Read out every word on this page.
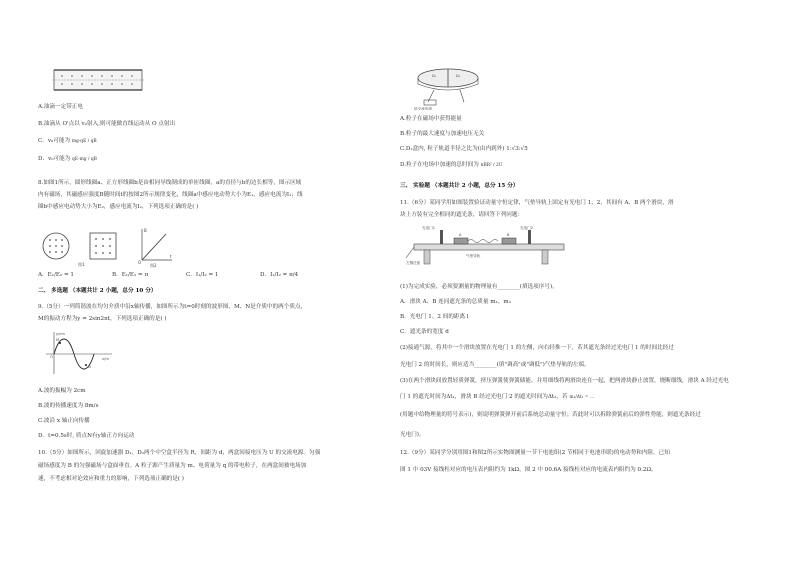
A.油滴一定带正电
B.油滴从 O'点以 v₀射入,则可能做直线运动从 O 点射出
C．v₀可能为 mg-qE / qB
D．v₀可能为 qE-mg / qB
8.如图1所示，圆形线圈a、正方形线圈b是由相同导线制成的单匝线圈，a的直径与b的边长相等，图示区域
内有磁场，其磁感应强度B随时间t的按图2所示规律变化，线圈a中感应电动势大小为E₁，感应电流为I₁；线
圈b中感应电动势大小为E₂，感应电流为I₂，下列选项正确的是( )
图1
B
t
O
图2
A．E₁/E₂ = 1	B．E₁/E₂ = π	C．I₁/I₂ = 1	D．I₁/I₂ = π/4
二、 多选题 （本题共计 2 小题，总分 10 分）
9.（5分）一列简谐波在均匀介质中沿x轴传播，如图所示为t=0时刻的波形图，M、N是介质中的两个质点，
M的振动方程为y = 2sin2πt，下列选项正确的是( )
y/cm
x/m
M
N
O
A.波的振幅为 2cm
B.波的传播速度为 8m/s
C.波沿 x 轴正向传播
D．t=0.5s时, 质点N有y轴正方向运动
10.（5分）如图所示，回旋加速器 D₁、D₂两个中空盒半径为 R，间距为 d，两盒间接电压为 U 的交流电源。匀强
磁场感度为 B 的匀强磁场与盒面垂直。A 粒子源产生质量为 m、电荷量为 q 的带电粒子，在两盒间被电场加
速，不考虑相对论效应和重力的影响，下列选项正确的是( )
接交流电源
D₁	D₂
A.粒子在磁场中获得能量
B.粒子的最大速度与加速电压无关
C.D₂盒内, 粒子轨道半径之比为(由内到外) 1:√3:√5
D.粒子在电场中加速的总时间为 πBR² / 2U
三、 实验题 （本题共计 2 小题，总分 15 分）
11.（6分）某同学用如图装置验证动量守恒定律，气垫导轨上固定有光电门 1、2，其间有 A、B 两个滑块，滑
块上方装有完全相同的遮光条，请回答下列问题：
光电门1	光电门2
A	B
气垫导轨
左侧托座
(1)为完成实验，必须要测量的物理量有________(填选项序号)。
A．滑块 A、B 连同遮光条的总质量 m₁、m₂
B．光电门 1、2 间的距离 l
C．遮光条的宽度 d
(2)接通气源，将其中一个滑块放置在光电门 1 的左侧，向右轻推一下，若其遮光条经过光电门 1 的时间比经过
光电门 2 的时间长，则应适当________(填"调高"或"调低")气垫导轨的左端。
(3)在两个滑块间放置轻质弹簧，挤压弹簧使弹簧储能，并用细线将两滑块连在一起，把两滑块静止放置，烧断细线，滑块 A 经过光电
门 1 的遮光时间为Δt₁，滑块 B 经过光电门 2 的遮光时间为Δt₂，若 m₁/Δt₁ = ...
(用题中给物理量的符号表示)，则说明弹簧弹开前后系统总动量守恒；若此时可以拆除弹簧前后的弹性势能，则遮光条经过
光电门)。
12.（9分）某同学分别用图1和图2所示实物图测量一节干电池组(2 节相同干电池串联)的电动势和内阻。已知
图 1 中 03V 接线柱对应的电压表内阻约为 1kΩ，图 2 中 00.6A 接线柱对应的电流表内阻约为 0.2Ω。
